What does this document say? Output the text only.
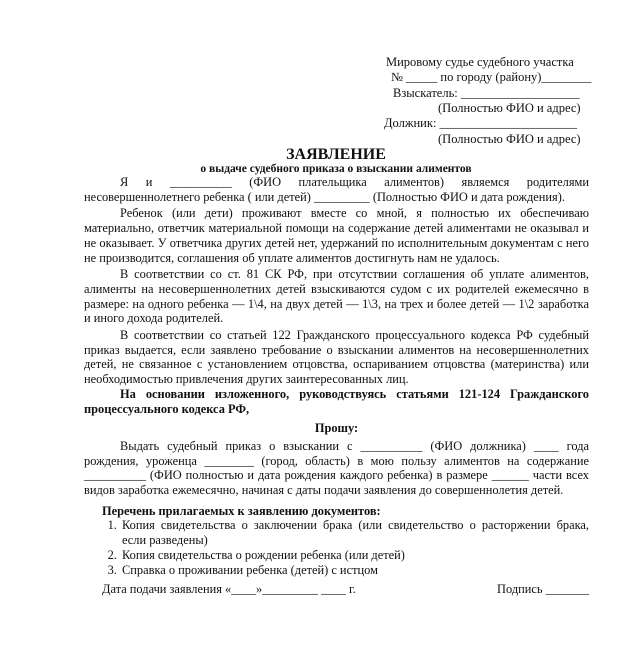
Мировому судье судебного участка
№ _____ по городу (району)________
Взыскатель: ___________________
(Полностью ФИО и адрес)
Должник: ______________________
(Полностью ФИО и адрес)
ЗАЯВЛЕНИЕ
о выдаче судебного приказа о взыскании алиментов

Я и __________ (ФИО плательщика алиментов) являемся родителями несовершеннолетнего ребенка ( или детей) _________ (Полностью ФИО и дата рождения).

Ребенок (или дети) проживают вместе со мной, я полностью их обеспечиваю материально, ответчик материальной помощи на содержание детей алиментами не оказывал и не оказывает. У ответчика других детей нет, удержаний по исполнительным документам с него не производится, соглашения об уплате алиментов достигнуть нам не удалось.

В соответствии со ст. 81 СК РФ, при отсутствии соглашения об уплате алиментов, алименты на несовершеннолетних детей взыскиваются судом с их родителей ежемесячно в размере: на одного ребенка — 1\4, на двух детей — 1\3, на трех и более детей — 1\2 заработка и иного дохода родителей.

В соответствии со статьей 122 Гражданского процессуального кодекса РФ судебный приказ выдается, если заявлено требование о взыскании алиментов на несовершеннолетних детей, не связанное с установлением отцовства, оспариванием отцовства (материнства) или необходимостью привлечения других заинтересованных лиц.

На основании изложенного, руководствуясь статьями 121-124 Гражданского процессуального кодекса РФ,

Прошу:

Выдать судебный приказ о взыскании с __________ (ФИО должника) ____ года рождения, уроженца ________ (город, область) в мою пользу алиментов на содержание __________ (ФИО полностью и дата рождения каждого ребенка) в размере ______ части всех видов заработка ежемесячно, начиная с даты подачи заявления до совершеннолетия детей.

Перечень прилагаемых к заявлению документов:
1. Копия свидетельства о заключении брака (или свидетельство о расторжении брака, если разведены)
2. Копия свидетельства о рождении ребенка (или детей)
3. Справка о проживании ребенка (детей) с истцом
Дата подачи заявления «____»_________ ____ г.	Подпись _______
